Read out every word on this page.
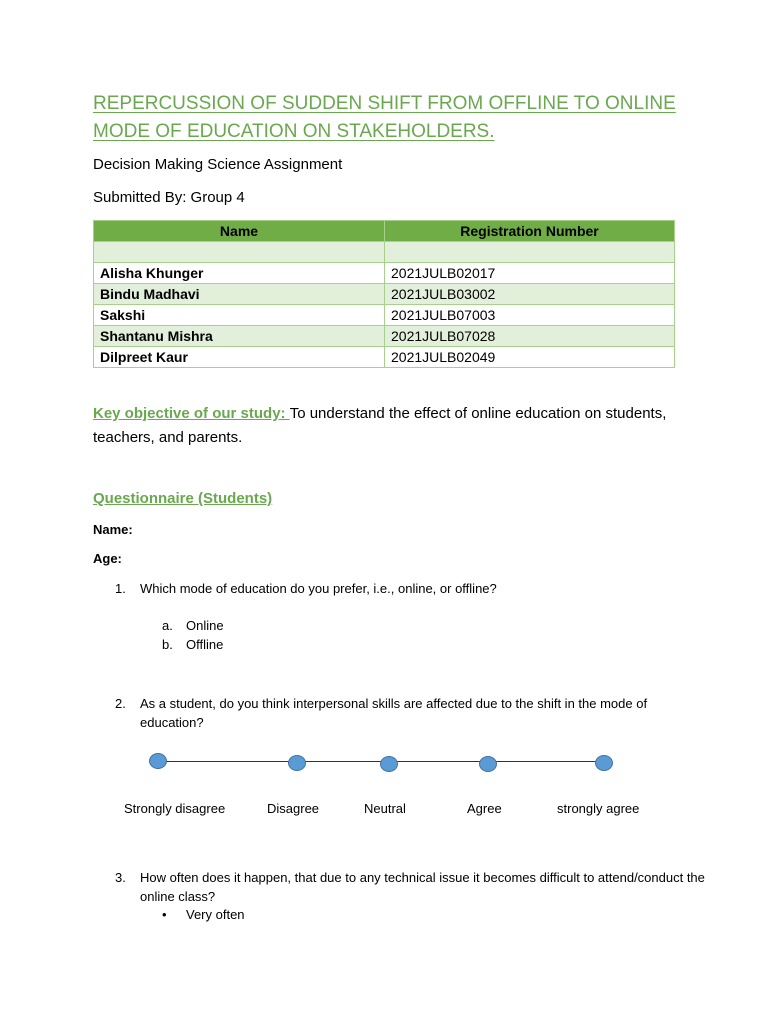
REPERCUSSION OF SUDDEN SHIFT FROM OFFLINE TO ONLINE MODE OF EDUCATION ON STAKEHOLDERS.
Decision Making Science Assignment
Submitted By: Group 4
Name	Registration Number

Alisha Khunger	2021JULB02017
Bindu Madhavi	2021JULB03002
Sakshi	2021JULB07003
Shantanu Mishra	2021JULB07028
Dilpreet Kaur	2021JULB02049
Key objective of our study: To understand the effect of online education on students, teachers, and parents.
Questionnaire (Students)
Name:
Age:
1. Which mode of education do you prefer, i.e., online, or offline?
a. Online
b. Offline
2. As a student, do you think interpersonal skills are affected due to the shift in the mode of education?
Strongly disagree	Disagree	Neutral	Agree	strongly agree
3. How often does it happen, that due to any technical issue it becomes difficult to attend/conduct the online class?
• Very often
